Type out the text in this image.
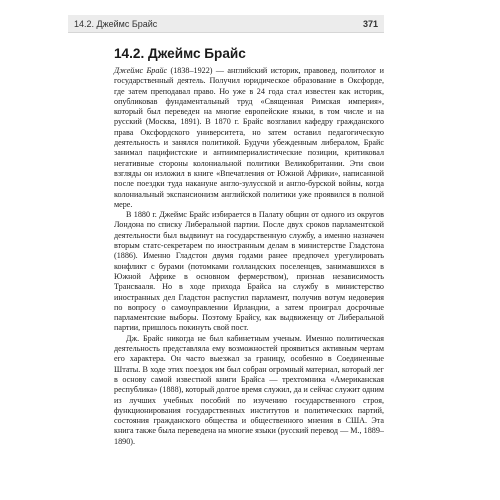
14.2. Джеймс Брайс	371
14.2. Джеймс Брайс

Джеймс Брайс (1838–1922) — английский историк, правовед, политолог и государственный деятель. Получил юридическое образование в Оксфорде, где затем преподавал право. Но уже в 24 года стал известен как историк, опубликовав фундаментальный труд «Священная Римская империя», который был переведен на многие европейские языки, в том числе и на русский (Москва, 1891). В 1870 г. Брайс возглавил кафедру гражданского права Оксфордского университета, но затем оставил педагогическую деятельность и занялся политикой. Будучи убежденным либералом, Брайс занимал пацифистские и антиимпериалистические позиции, критиковал негативные стороны колониальной политики Великобритании. Эти свои взгляды он изложил в книге «Впечатления от Южной Африки», написанной после поездки туда накануне англо-зулусской и англо-бурской войны, когда колониальный экспансионизм английской политики уже проявился в полной мере.

В 1880 г. Джеймс Брайс избирается в Палату общин от одного из округов Лондона по списку Либеральной партии. После двух сроков парламентской деятельности был выдвинут на государственную службу, а именно назначен вторым статс-секретарем по иностранным делам в министерстве Гладстона (1886). Именно Гладстон двумя годами ранее предпочел урегулировать конфликт с бурами (потомками голландских поселенцев, занимавшихся в Южной Африке в основном фермерством), признав независимость Трансвааля. Но в ходе прихода Брайса на службу в министерство иностранных дел Гладстон распустил парламент, получив вотум недоверия по вопросу о самоуправлении Ирландии, а затем проиграл досрочные парламентские выборы. Поэтому Брайсу, как выдвиженцу от Либеральной партии, пришлось покинуть свой пост.

Дж. Брайс никогда не был кабинетным ученым. Именно политическая деятельность представляла ему возможностей проявиться активным чертам его характера. Он часто выезжал за границу, особенно в Соединенные Штаты. В ходе этих поездок им был собран огромный материал, который лег в основу самой известной книги Брайса — трехтомника «Американская республика» (1888), который долгое время служил, да и сейчас служит одним из лучших учебных пособий по изучению государственного строя, функционирования государственных институтов и политических партий, состояния гражданского общества и общественного мнения в США. Эта книга также была переведена на многие языки (русский перевод — М., 1889–1890).
